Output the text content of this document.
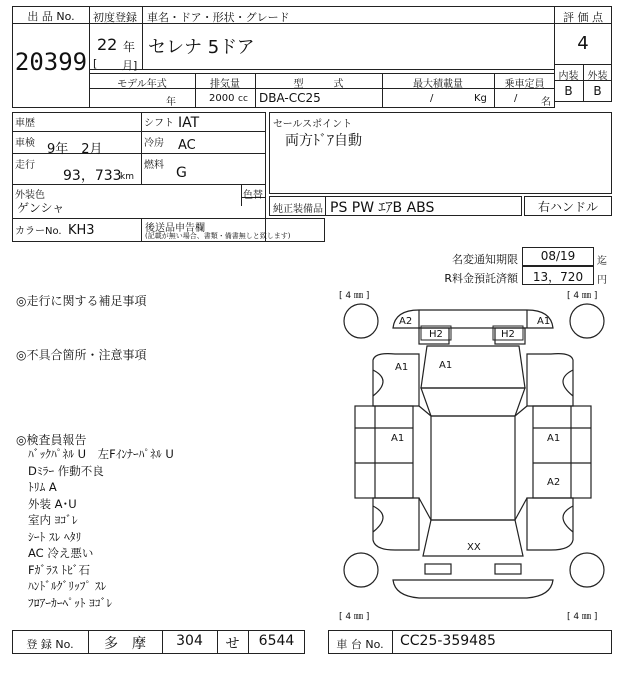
出 品 No.
20399
初度登録 車名・ドア・形状・グレード
22 年
[ 月]
セレナ 5ドア
評 価 点
4
内装 外装
B	B
モデル年式	排気量	型　　　式	最大積載量	乗車定員
年	2000 cc DBA-CC25	/	Kg	/ 名
車歴	シフト IAT
車検 9年　2月	冷房 AC
走行
93，733
km
燃料 G
外装色
ゲンシャ
色替
カラーNo. KH3	後送品申告欄
(記載が無い場合、書類・備書無しと致します)
セールスポイント
両方ﾄﾞｱ自動
純正装備品 PS PW ｴｱB ABS	右ハンドル
名変通知期限	08/19	迄
R料金預託済額	13，720	円
◎走行に関する補足事項
◎不具合箇所・注意事項
◎検査員報告
ﾊﾞｯｸﾊﾟﾈﾙ U　左Fｲﾝﾅｰﾊﾟﾈﾙ U
Dﾐﾗｰ 作動不良
ﾄﾘﾑ A
外装 A･U
室内 ﾖｺﾞﾚ
ｼｰﾄ ｽﾚ ﾍﾀﾘ
AC 冷え悪い
Fｶﾞﾗｽ ﾄﾋﾞ石
ﾊﾝﾄﾞﾙｸﾞﾘｯﾌﾟ ｽﾚ
ﾌﾛｱｰｶｰﾍﾟｯﾄ ﾖｺﾞﾚ
[ 4 ㎜ ]	[ 4 ㎜ ]
[ 4 ㎜ ]	[ 4 ㎜ ]
A2	A1
H2	H2
A1	A1
A1	A1
A2
XX
登 録 No.	多　摩	304	せ	6544	車 台 No.	CC25-359485
